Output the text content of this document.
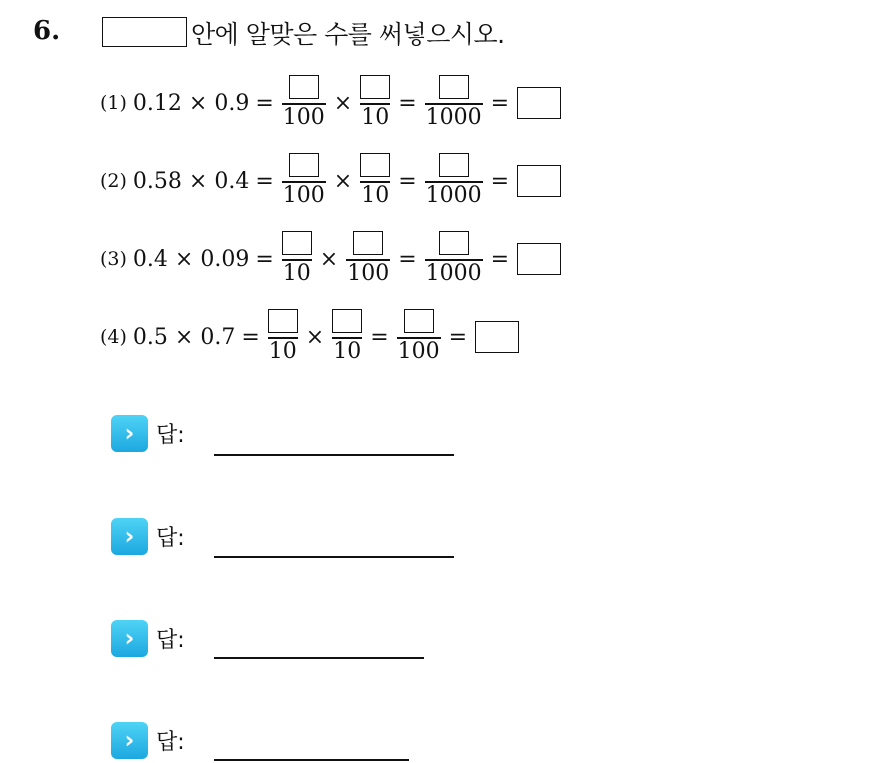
6.	안에 알맞은 수를 써넣으시오.
(1) 0.12 × 0.9 =
100
×
10
=
1000
=
(2) 0.58 × 0.4 =
100
×
10
=
1000
=
(3) 0.4 × 0.09 =
10
×
100
=
1000
=
(4) 0.5 × 0.7 =
10
×
10
=
100
=
› 답:
› 답:
› 답:
› 답:
